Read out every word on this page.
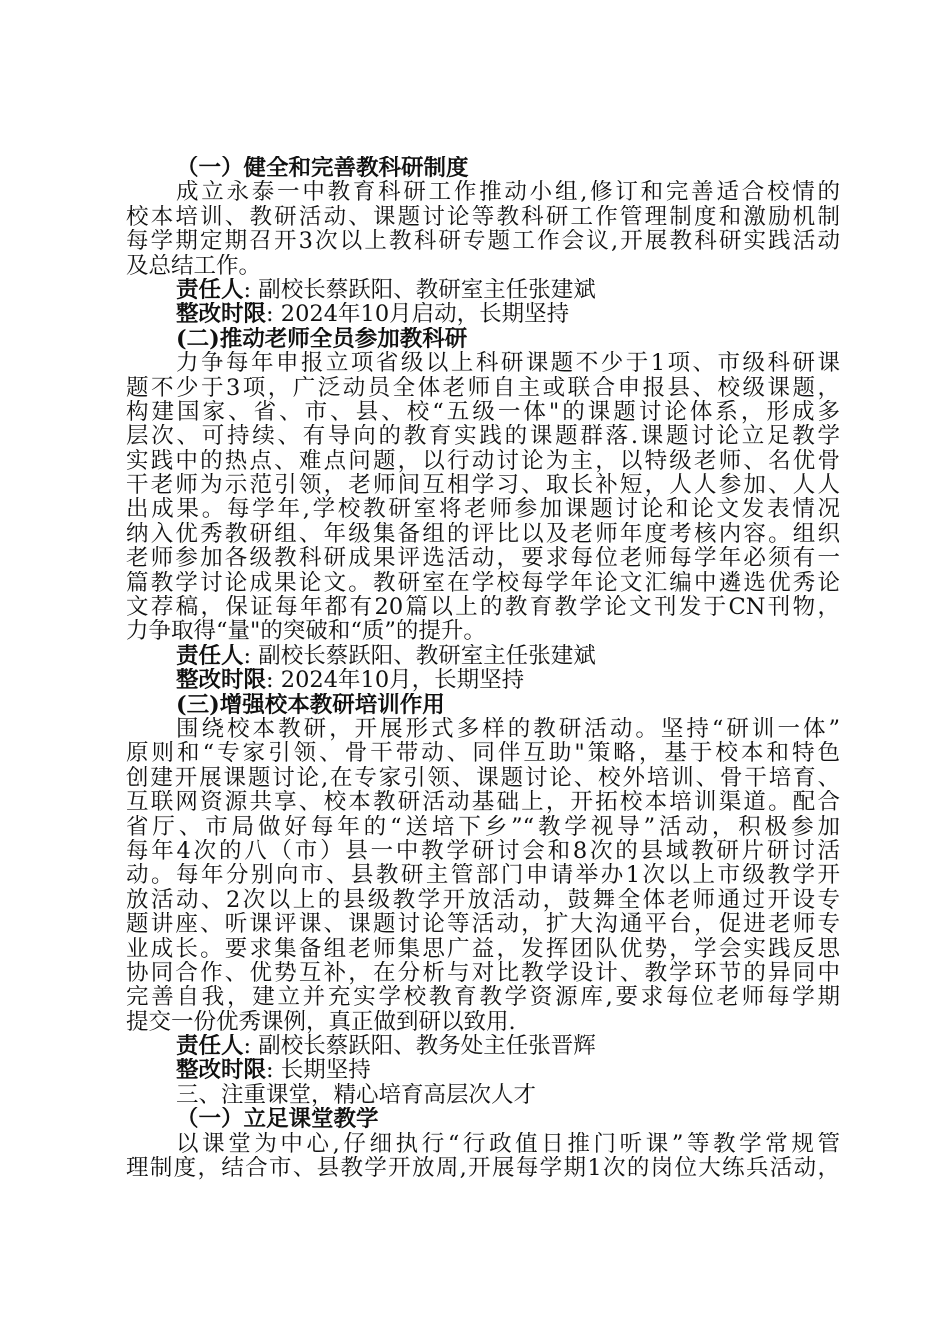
（一）健全和完善教科研制度
成立永泰一中教育科研工作推动小组,修订和完善适合校情的
校本培训、教研活动、课题讨论等教科研工作管理制度和激励机制
每学期定期召开3次以上教科研专题工作会议,开展教科研实践活动
及总结工作。
责任人: 副校长蔡跃阳、教研室主任张建斌
整改时限: 2024年10月启动，长期坚持
(二)推动老师全员参加教科研
力争每年申报立项省级以上科研课题不少于1项、市级科研课
题不少于3项，广泛动员全体老师自主或联合申报县、校级课题，
构建国家、省、市、县、校“五级一体"的课题讨论体系，形成多
层次、可持续、有导向的教育实践的课题群落.课题讨论立足教学
实践中的热点、难点问题，以行动讨论为主，以特级老师、名优骨
干老师为示范引领，老师间互相学习、取长补短，人人参加、人人
出成果。每学年,学校教研室将老师参加课题讨论和论文发表情况
纳入优秀教研组、年级集备组的评比以及老师年度考核内容。组织
老师参加各级教科研成果评选活动，要求每位老师每学年必须有一
篇教学讨论成果论文。教研室在学校每学年论文汇编中遴选优秀论
文荐稿，保证每年都有20篇以上的教育教学论文刊发于CN刊物，
力争取得“量"的突破和“质”的提升。
责任人: 副校长蔡跃阳、教研室主任张建斌
整改时限: 2024年10月，长期坚持
(三)增强校本教研培训作用
围绕校本教研，开展形式多样的教研活动。坚持“研训一体”
原则和“专家引领、骨干带动、同伴互助"策略，基于校本和特色
创建开展课题讨论,在专家引领、课题讨论、校外培训、骨干培育、
互联网资源共享、校本教研活动基础上，开拓校本培训渠道。配合
省厅、市局做好每年的“送培下乡”“教学视导”活动，积极参加
每年4次的八（市）县一中教学研讨会和8次的县域教研片研讨活
动。每年分别向市、县教研主管部门申请举办1次以上市级教学开
放活动、2次以上的县级教学开放活动，鼓舞全体老师通过开设专
题讲座、听课评课、课题讨论等活动，扩大沟通平台，促进老师专
业成长。要求集备组老师集思广益，发挥团队优势，学会实践反思
协同合作、优势互补，在分析与对比教学设计、教学环节的异同中
完善自我，建立并充实学校教育教学资源库,要求每位老师每学期
提交一份优秀课例，真正做到研以致用.
责任人: 副校长蔡跃阳、教务处主任张晋辉
整改时限: 长期坚持
三、注重课堂，精心培育高层次人才
（一）立足课堂教学
以课堂为中心,仔细执行“行政值日推门听课”等教学常规管
理制度，结合市、县教学开放周,开展每学期1次的岗位大练兵活动，
